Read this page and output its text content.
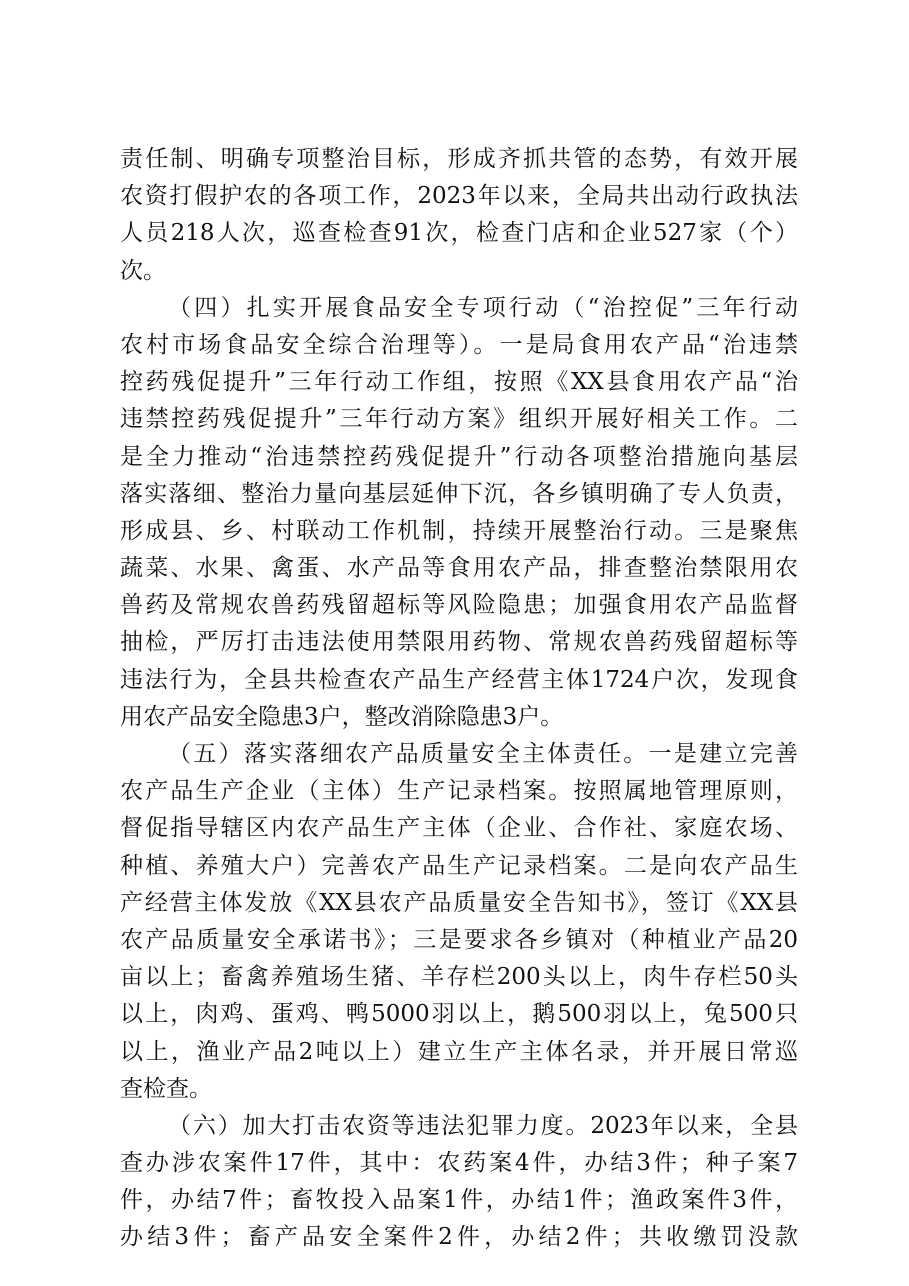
责任制、明确专项整治目标，形成齐抓共管的态势，有效开展
农资打假护农的各项工作，2023年以来，全局共出动行政执法
人员218人次，巡查检查91次，检查门店和企业527家（个）
次。
（四）扎实开展食品安全专项行动（“治控促”三年行动
农村市场食品安全综合治理等）。一是局食用农产品“治违禁
控药残促提升”三年行动工作组，按照《XX县食用农产品“治
违禁控药残促提升”三年行动方案》组织开展好相关工作。二
是全力推动“治违禁控药残促提升”行动各项整治措施向基层
落实落细、整治力量向基层延伸下沉，各乡镇明确了专人负责，
形成县、乡、村联动工作机制，持续开展整治行动。三是聚焦
蔬菜、水果、禽蛋、水产品等食用农产品，排查整治禁限用农
兽药及常规农兽药残留超标等风险隐患；加强食用农产品监督
抽检，严厉打击违法使用禁限用药物、常规农兽药残留超标等
违法行为，全县共检查农产品生产经营主体1724户次，发现食
用农产品安全隐患3户，整改消除隐患3户。
（五）落实落细农产品质量安全主体责任。一是建立完善
农产品生产企业（主体）生产记录档案。按照属地管理原则，
督促指导辖区内农产品生产主体（企业、合作社、家庭农场、
种植、养殖大户）完善农产品生产记录档案。二是向农产品生
产经营主体发放《XX县农产品质量安全告知书》，签订《XX县
农产品质量安全承诺书》；三是要求各乡镇对（种植业产品20
亩以上；畜禽养殖场生猪、羊存栏200头以上，肉牛存栏50头
以上，肉鸡、蛋鸡、鸭5000羽以上，鹅500羽以上，兔500只
以上，渔业产品2吨以上）建立生产主体名录，并开展日常巡
查检查。
（六）加大打击农资等违法犯罪力度。2023年以来，全县
查办涉农案件17件，其中：农药案4件，办结3件；种子案7
件，办结7件；畜牧投入品案1件，办结1件；渔政案件3件，
办结3件；畜产品安全案件2件，办结2件；共收缴罚没款
